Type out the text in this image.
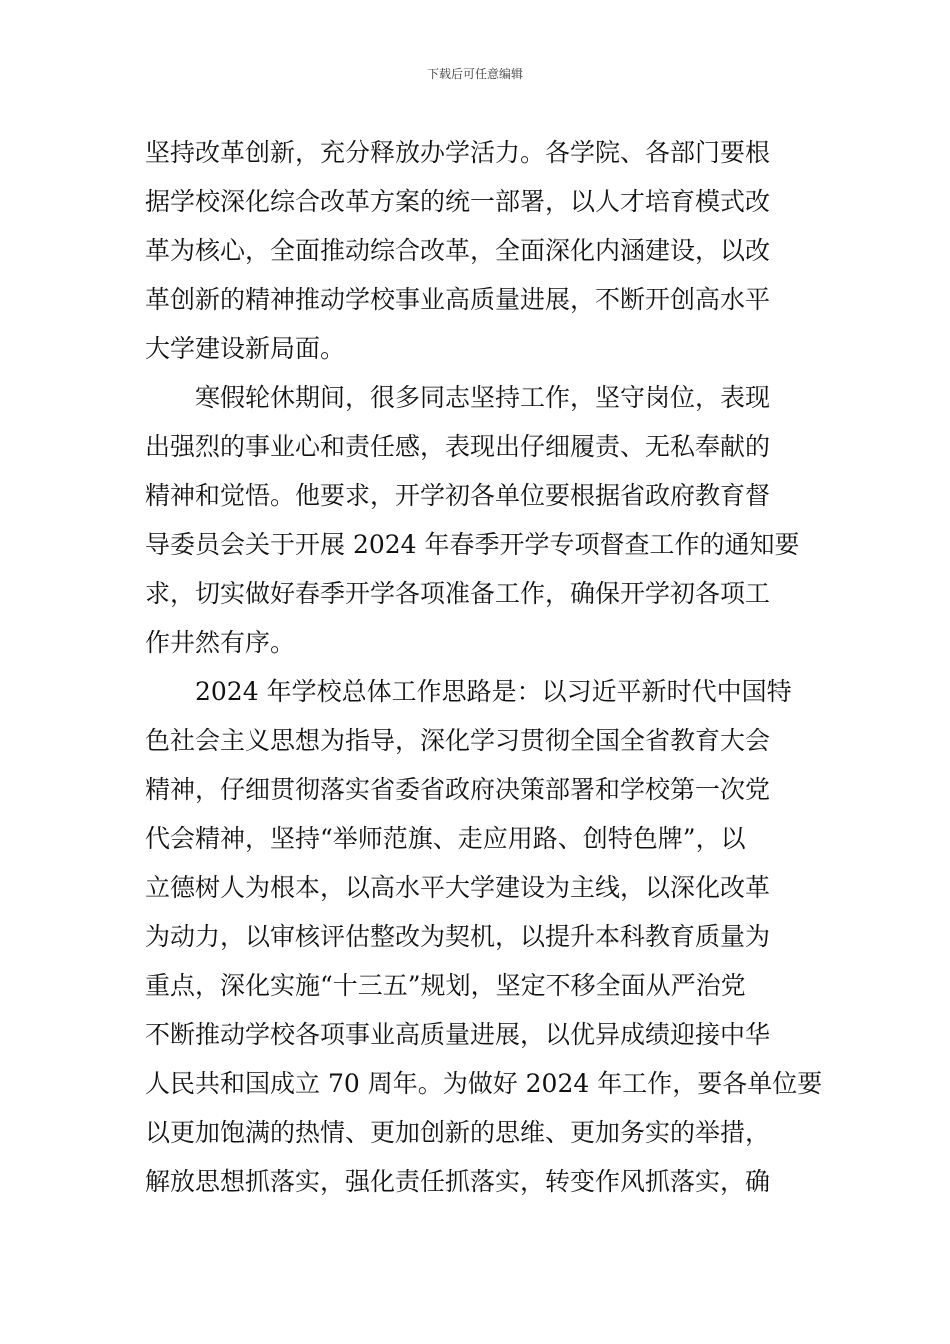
下载后可任意编辑

坚持改革创新，充分释放办学活力。各学院、各部门要根
据学校深化综合改革方案的统一部署，以人才培育模式改
革为核心，全面推动综合改革，全面深化内涵建设，以改
革创新的精神推动学校事业高质量进展，不断开创高水平
大学建设新局面。

寒假轮休期间，很多同志坚持工作，坚守岗位，表现
出强烈的事业心和责任感，表现出仔细履责、无私奉献的
精神和觉悟。他要求，开学初各单位要根据省政府教育督
导委员会关于开展 2024 年春季开学专项督查工作的通知要
求，切实做好春季开学各项准备工作，确保开学初各项工
作井然有序。

2024 年学校总体工作思路是：以习近平新时代中国特
色社会主义思想为指导，深化学习贯彻全国全省教育大会
精神，仔细贯彻落实省委省政府决策部署和学校第一次党
代会精神，坚持“举师范旗、走应用路、创特色牌”，以
立德树人为根本，以高水平大学建设为主线，以深化改革
为动力，以审核评估整改为契机，以提升本科教育质量为
重点，深化实施“十三五”规划，坚定不移全面从严治党
不断推动学校各项事业高质量进展，以优异成绩迎接中华
人民共和国成立 70 周年。为做好 2024 年工作，要各单位要
以更加饱满的热情、更加创新的思维、更加务实的举措，
解放思想抓落实，强化责任抓落实，转变作风抓落实，确
